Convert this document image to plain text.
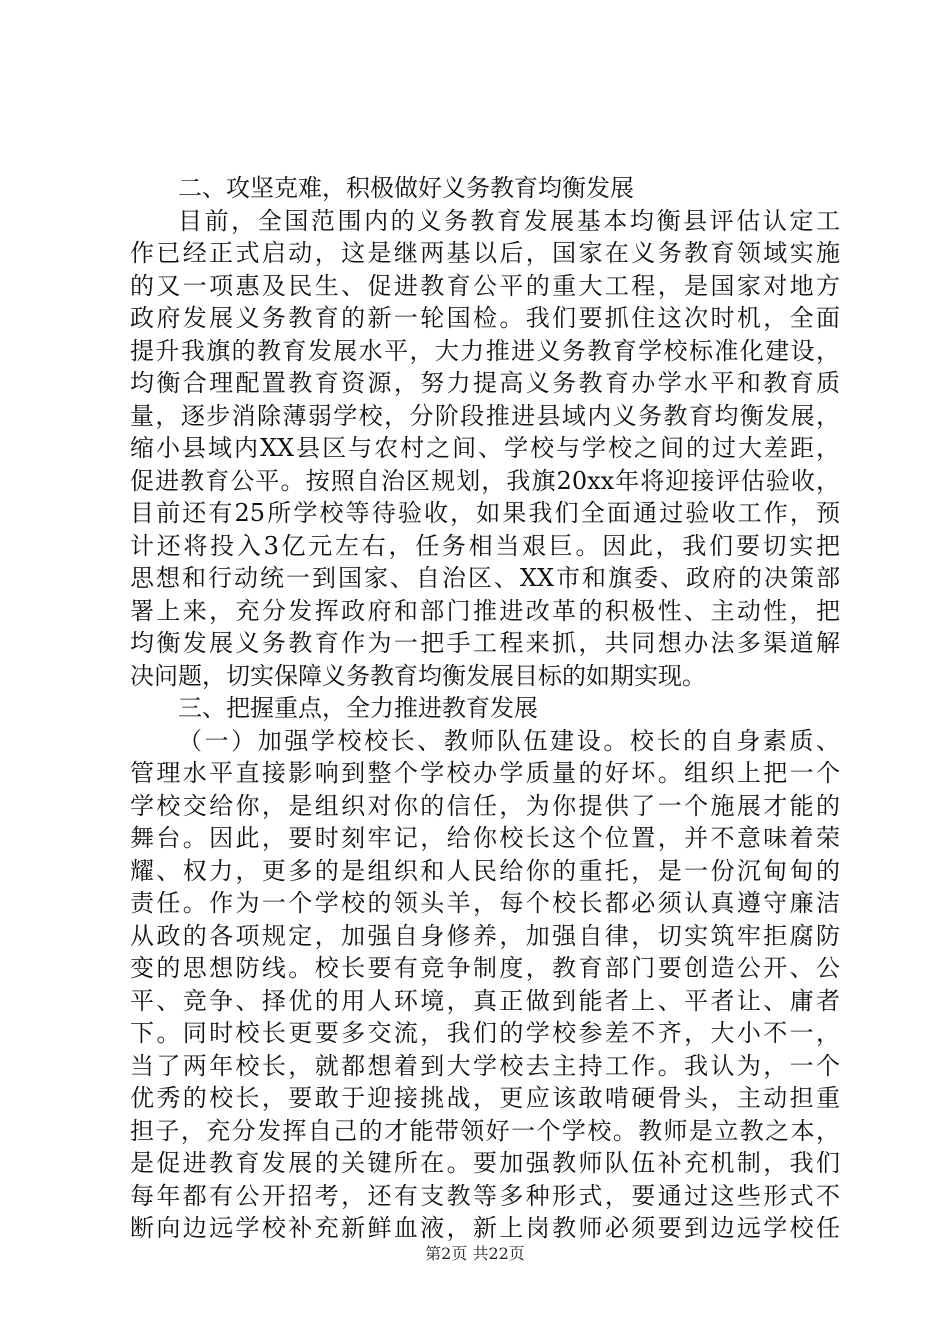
二、攻坚克难，积极做好义务教育均衡发展
目前，全国范围内的义务教育发展基本均衡县评估认定工
作已经正式启动，这是继两基以后，国家在义务教育领域实施
的又一项惠及民生、促进教育公平的重大工程，是国家对地方
政府发展义务教育的新一轮国检。我们要抓住这次时机，全面
提升我旗的教育发展水平，大力推进义务教育学校标准化建设，
均衡合理配置教育资源，努力提高义务教育办学水平和教育质
量，逐步消除薄弱学校，分阶段推进县域内义务教育均衡发展，
缩小县域内XX县区与农村之间、学校与学校之间的过大差距，
促进教育公平。按照自治区规划，我旗20xx年将迎接评估验收，
目前还有25所学校等待验收，如果我们全面通过验收工作，预
计还将投入3亿元左右，任务相当艰巨。因此，我们要切实把
思想和行动统一到国家、自治区、XX市和旗委、政府的决策部
署上来，充分发挥政府和部门推进改革的积极性、主动性，把
均衡发展义务教育作为一把手工程来抓，共同想办法多渠道解
决问题，切实保障义务教育均衡发展目标的如期实现。
三、把握重点，全力推进教育发展
（一）加强学校校长、教师队伍建设。校长的自身素质、
管理水平直接影响到整个学校办学质量的好坏。组织上把一个
学校交给你，是组织对你的信任，为你提供了一个施展才能的
舞台。因此，要时刻牢记，给你校长这个位置，并不意味着荣
耀、权力，更多的是组织和人民给你的重托，是一份沉甸甸的
责任。作为一个学校的领头羊，每个校长都必须认真遵守廉洁
从政的各项规定，加强自身修养，加强自律，切实筑牢拒腐防
变的思想防线。校长要有竞争制度，教育部门要创造公开、公
平、竞争、择优的用人环境，真正做到能者上、平者让、庸者
下。同时校长更要多交流，我们的学校参差不齐，大小不一，
当了两年校长，就都想着到大学校去主持工作。我认为，一个
优秀的校长，要敢于迎接挑战，更应该敢啃硬骨头，主动担重
担子，充分发挥自己的才能带领好一个学校。教师是立教之本，
是促进教育发展的关键所在。要加强教师队伍补充机制，我们
每年都有公开招考，还有支教等多种形式，要通过这些形式不
断向边远学校补充新鲜血液，新上岗教师必须要到边远学校任
第2页 共22页
